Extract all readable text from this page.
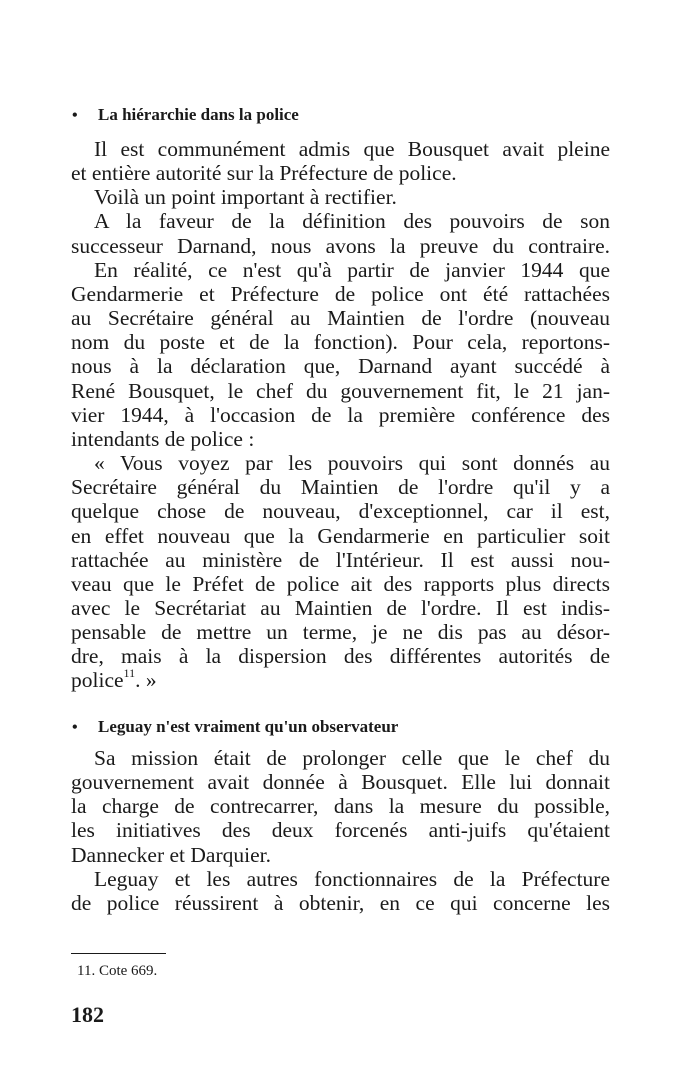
• La hiérarchie dans la police
Il est communément admis que Bousquet avait pleine
et entière autorité sur la Préfecture de police.
Voilà un point important à rectifier.
A la faveur de la définition des pouvoirs de son
successeur Darnand, nous avons la preuve du contraire.
En réalité, ce n'est qu'à partir de janvier 1944 que
Gendarmerie et Préfecture de police ont été rattachées
au Secrétaire général au Maintien de l'ordre (nouveau
nom du poste et de la fonction). Pour cela, reportons-
nous à la déclaration que, Darnand ayant succédé à
René Bousquet, le chef du gouvernement fit, le 21 jan-
vier 1944, à l'occasion de la première conférence des
intendants de police :
« Vous voyez par les pouvoirs qui sont donnés au
Secrétaire général du Maintien de l'ordre qu'il y a
quelque chose de nouveau, d'exceptionnel, car il est,
en effet nouveau que la Gendarmerie en particulier soit
rattachée au ministère de l'Intérieur. Il est aussi nou-
veau que le Préfet de police ait des rapports plus directs
avec le Secrétariat au Maintien de l'ordre. Il est indis-
pensable de mettre un terme, je ne dis pas au désor-
dre, mais à la dispersion des différentes autorités de
police$^{11}$. »
• Leguay n'est vraiment qu'un observateur
Sa mission était de prolonger celle que le chef du
gouvernement avait donnée à Bousquet. Elle lui donnait
la charge de contrecarrer, dans la mesure du possible,
les initiatives des deux forcenés anti-juifs qu'étaient
Dannecker et Darquier.
Leguay et les autres fonctionnaires de la Préfecture
de police réussirent à obtenir, en ce qui concerne les
11. Cote 669.
182
